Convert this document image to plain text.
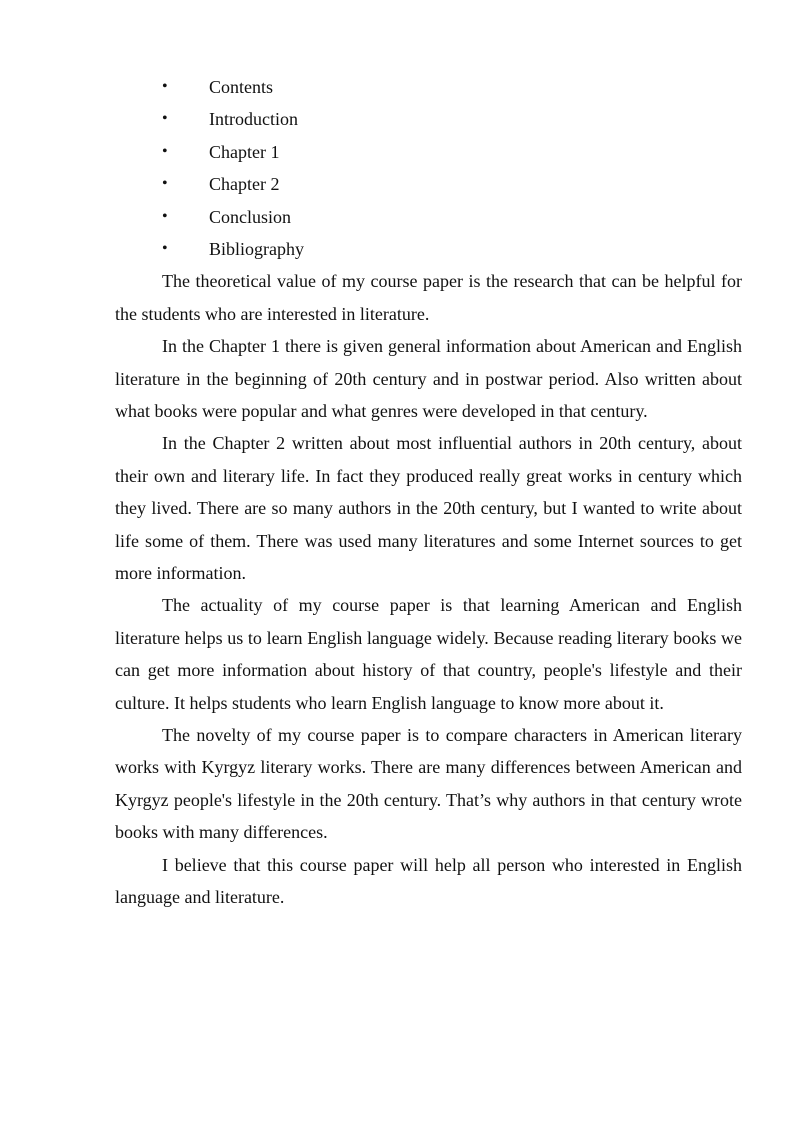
• Contents
• Introduction
• Chapter 1
• Chapter 2
• Conclusion
• Bibliography

The theoretical value of my course paper is the research that can be helpful for the students who are interested in literature.

In the Chapter 1 there is given general information about American and English literature in the beginning of 20th century and in postwar period. Also written about what books were popular and what genres were developed in that century.

In the Chapter 2 written about most influential authors in 20th century, about their own and literary life. In fact they produced really great works in century which they lived. There are so many authors in the 20th century, but I wanted to write about life some of them. There was used many literatures and some Internet sources to get more information.

The actuality of my course paper is that learning American and English literature helps us to learn English language widely. Because reading literary books we can get more information about history of that country, people's lifestyle and their culture. It helps students who learn English language to know more about it.

The novelty of my course paper is to compare characters in American literary works with Kyrgyz literary works. There are many differences between American and Kyrgyz people's lifestyle in the 20th century. That’s why authors in that century wrote books with many differences.

I believe that this course paper will help all person who interested in English language and literature.
